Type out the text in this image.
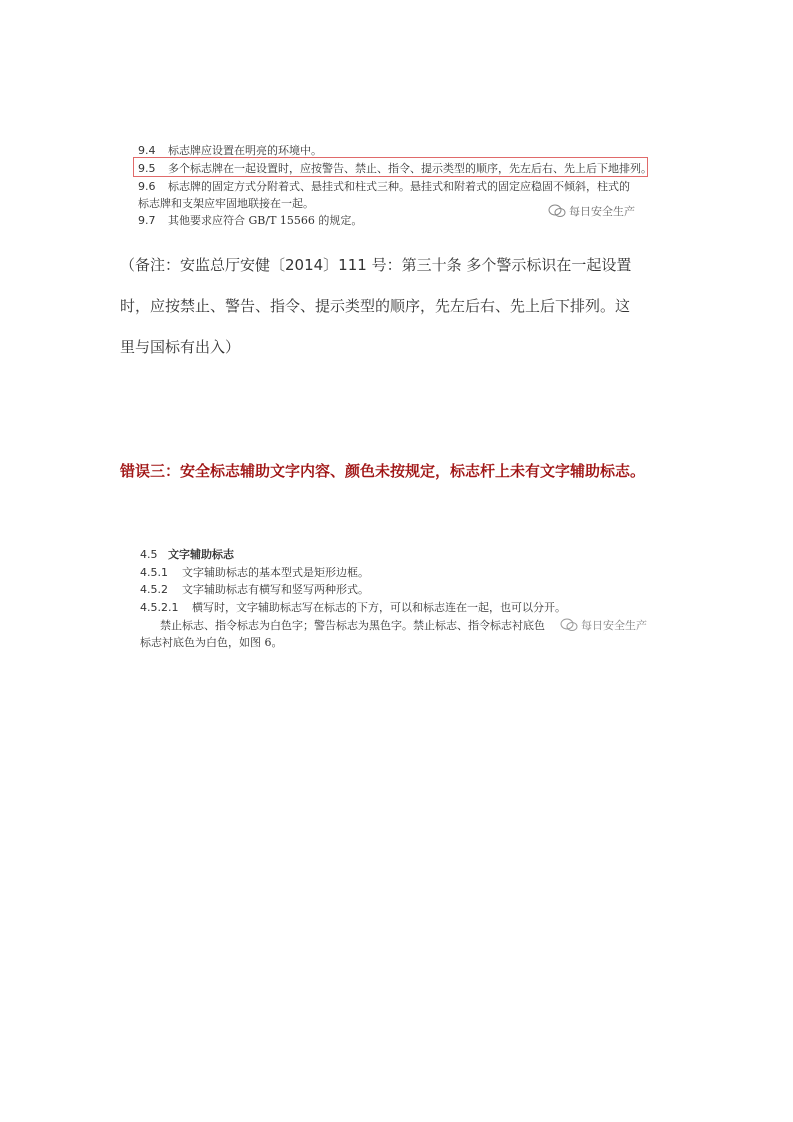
9.4 标志牌应设置在明亮的环境中。
9.5 多个标志牌在一起设置时，应按警告、禁止、指令、提示类型的顺序，先左后右、先上后下地排列。
9.6 标志牌的固定方式分附着式、悬挂式和柱式三种。悬挂式和附着式的固定应稳固不倾斜，柱式的
标志牌和支架应牢固地联接在一起。
9.7 其他要求应符合 GB/T 15566 的规定。
每日安全生产
（备注：安监总厅安健〔2014〕111 号：第三十条 多个警示标识在一起设置
时，应按禁止、警告、指令、提示类型的顺序，先左后右、先上后下排列。这
里与国标有出入）
错误三：安全标志辅助文字内容、颜色未按规定，标志杆上未有文字辅助标志。
4.5 文字辅助标志
4.5.1 文字辅助标志的基本型式是矩形边框。
4.5.2 文字辅助标志有横写和竖写两种形式。
4.5.2.1 横写时，文字辅助标志写在标志的下方，可以和标志连在一起，也可以分开。
禁止标志、指令标志为白色字；警告标志为黑色字。禁止标志、指令标志衬底色
标志衬底色为白色，如图 6。
每日安全生产
